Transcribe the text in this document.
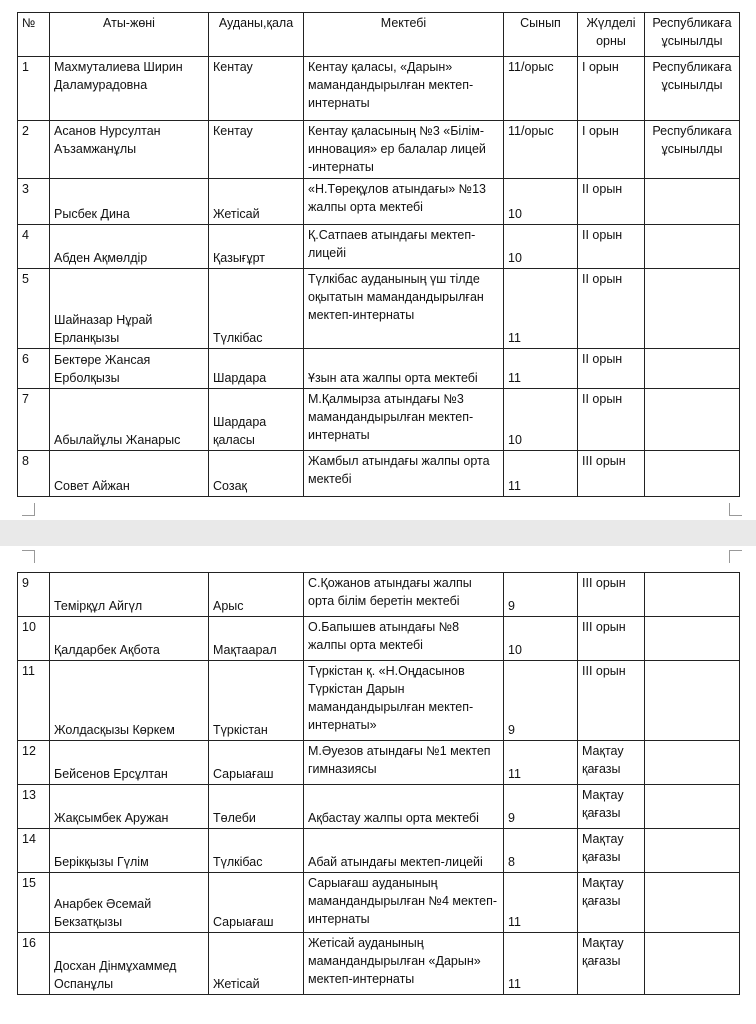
№	Аты-жөні	Ауданы,қала	Мектебі	Сынып	Жүлделі орны	Республикаға ұсынылды
1	Махмуталиева Ширин Даламурадовна	Кентау	Кентау қаласы, «Дарын» мамандандырылған мектеп-интернаты	11/орыс	І орын	Республикаға ұсынылды
2	Асанов Нурсултан Аъзамжанұлы	Кентау	Кентау қаласының №3 «Білім-инновация» ер балалар лицей -интернаты	11/орыс	І орын	Республикаға ұсынылды
3	Рысбек Дина	Жетісай	«Н.Төреқұлов атындағы» №13 жалпы орта мектебі	10	ІІ орын	
4	Абден Ақмөлдір	Қазығұрт	Қ.Сатпаев атындағы мектеп-лицейі	10	ІІ орын	
5	Шайназар Нұрай Ерланқызы	Түлкібас	Түлкібас ауданының үш тілде оқытатын мамандандырылған мектеп-интернаты	11	ІІ орын	
6	Бектөре Жансая Ерболқызы	Шардара	Ұзын ата жалпы орта мектебі	11	ІІ орын	
7	Абылайұлы Жанарыс	Шардара қаласы	М.Қалмырза атындағы №3 мамандандырылған мектеп-интернаты	10	ІІ орын	
8	Совет Айжан	Созақ	Жамбыл атындағы жалпы орта мектебі	11	ІІІ орын	
9	Темірқұл Айгүл	Арыс	С.Қожанов атындағы жалпы орта білім беретін мектебі	9	ІІІ орын	
10	Қалдарбек Ақбота	Мақтаарал	О.Бапышев атындағы №8 жалпы орта мектебі	10	ІІІ орын	
11	Жолдасқызы Көркем	Түркістан	Түркістан қ. «Н.Оңдасынов Түркістан Дарын мамандандырылған мектеп-интернаты»	9	ІІІ орын	
12	Бейсенов Ерсұлтан	Сарыағаш	М.Әуезов атындағы №1 мектеп гимназиясы	11	Мақтау қағазы	
13	Жақсымбек Аружан	Төлеби	Ақбастау жалпы орта мектебі	9	Мақтау қағазы	
14	Берікқызы Гүлім	Түлкібас	Абай атындағы мектеп-лицейі	8	Мақтау қағазы	
15	Анарбек Әсемай Бекзатқызы	Сарыағаш	Сарыағаш ауданының мамандандырылған №4 мектеп-интернаты	11	Мақтау қағазы	
16	Досхан Дінмұхаммед Оспанұлы	Жетісай	Жетісай ауданының мамандандырылған «Дарын» мектеп-интернаты	11	Мақтау қағазы	
